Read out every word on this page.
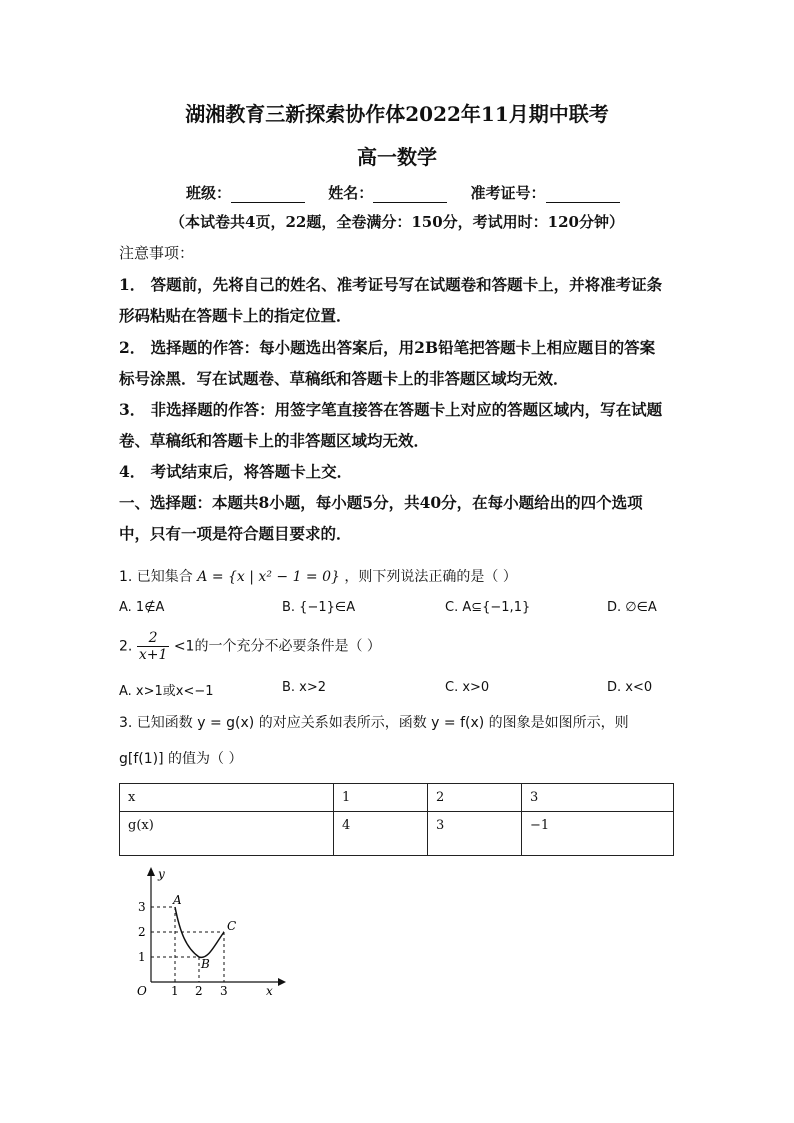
湖湘教育三新探索协作体2022年11月期中联考
高一数学
班级：	姓名：	准考证号：
（本试卷共4页，22题，全卷满分：150分，考试用时：120分钟）
注意事项：
1． 答题前，先将自己的姓名、准考证号写在试题卷和答题卡上，并将准考证条
形码粘贴在答题卡上的指定位置．
2． 选择题的作答：每小题选出答案后，用2B铅笔把答题卡上相应题目的答案
标号涂黑．写在试题卷、草稿纸和答题卡上的非答题区域均无效．
3． 非选择题的作答：用签字笔直接答在答题卡上对应的答题区域内，写在试题
卷、草稿纸和答题卡上的非答题区域均无效．
4． 考试结束后，将答题卡上交．
一、选择题：本题共8小题，每小题5分，共40分，在每小题给出的四个选项
中，只有一项是符合题目要求的．
1. 已知集合 A = {x | x² − 1 = 0} ，则下列说法正确的是（ ）
A. 1∉A	B. {−1}∈A	C. A⊆{−1,1}	D. ∅∈A
2. $\frac{2}{x+1} <1$的一个充分不必要条件是（ ）
A. x>1或x<−1	B. x>2	C. x>0	D. x<0
3. 已知函数 y = g(x) 的对应关系如表所示，函数 y = f(x) 的图象是如图所示，则
g[f(1)] 的值为（ ）
x	1	2	3
g(x)	4	3	−1
3
2
1
1 2 3
O
y
x
A
B
C
